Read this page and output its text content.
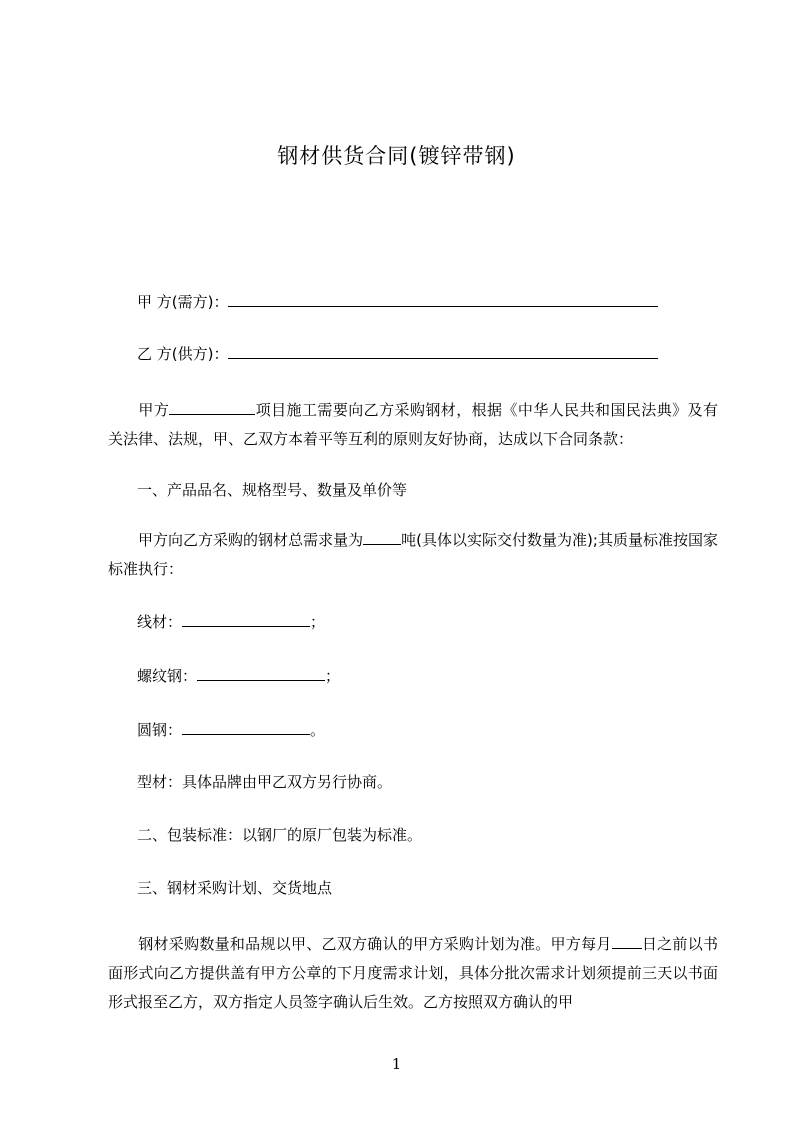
钢材供货合同(镀锌带钢)
甲 方(需方)：
乙 方(供方)：
甲方	项目施工需要向乙方采购钢材，根据《中华人民共和国民法典》及有关法律、法规，甲、乙双方本着平等互利的原则友好协商，达成以下合同条款：
一、产品品名、规格型号、数量及单价等
甲方向乙方采购的钢材总需求量为	吨(具体以实际交付数量为准);其质量标准按国家标准执行：
线材：	；
螺纹钢：	；
圆钢：	。
型材：具体品牌由甲乙双方另行协商。
二、包装标准：以钢厂的原厂包装为标准。
三、钢材采购计划、交货地点
钢材采购数量和品规以甲、乙双方确认的甲方采购计划为准。甲方每月 日之前以书面形式向乙方提供盖有甲方公章的下月度需求计划，具体分批次需求计划须提前三天以书面形式报至乙方，双方指定人员签字确认后生效。乙方按照双方确认的甲
1
